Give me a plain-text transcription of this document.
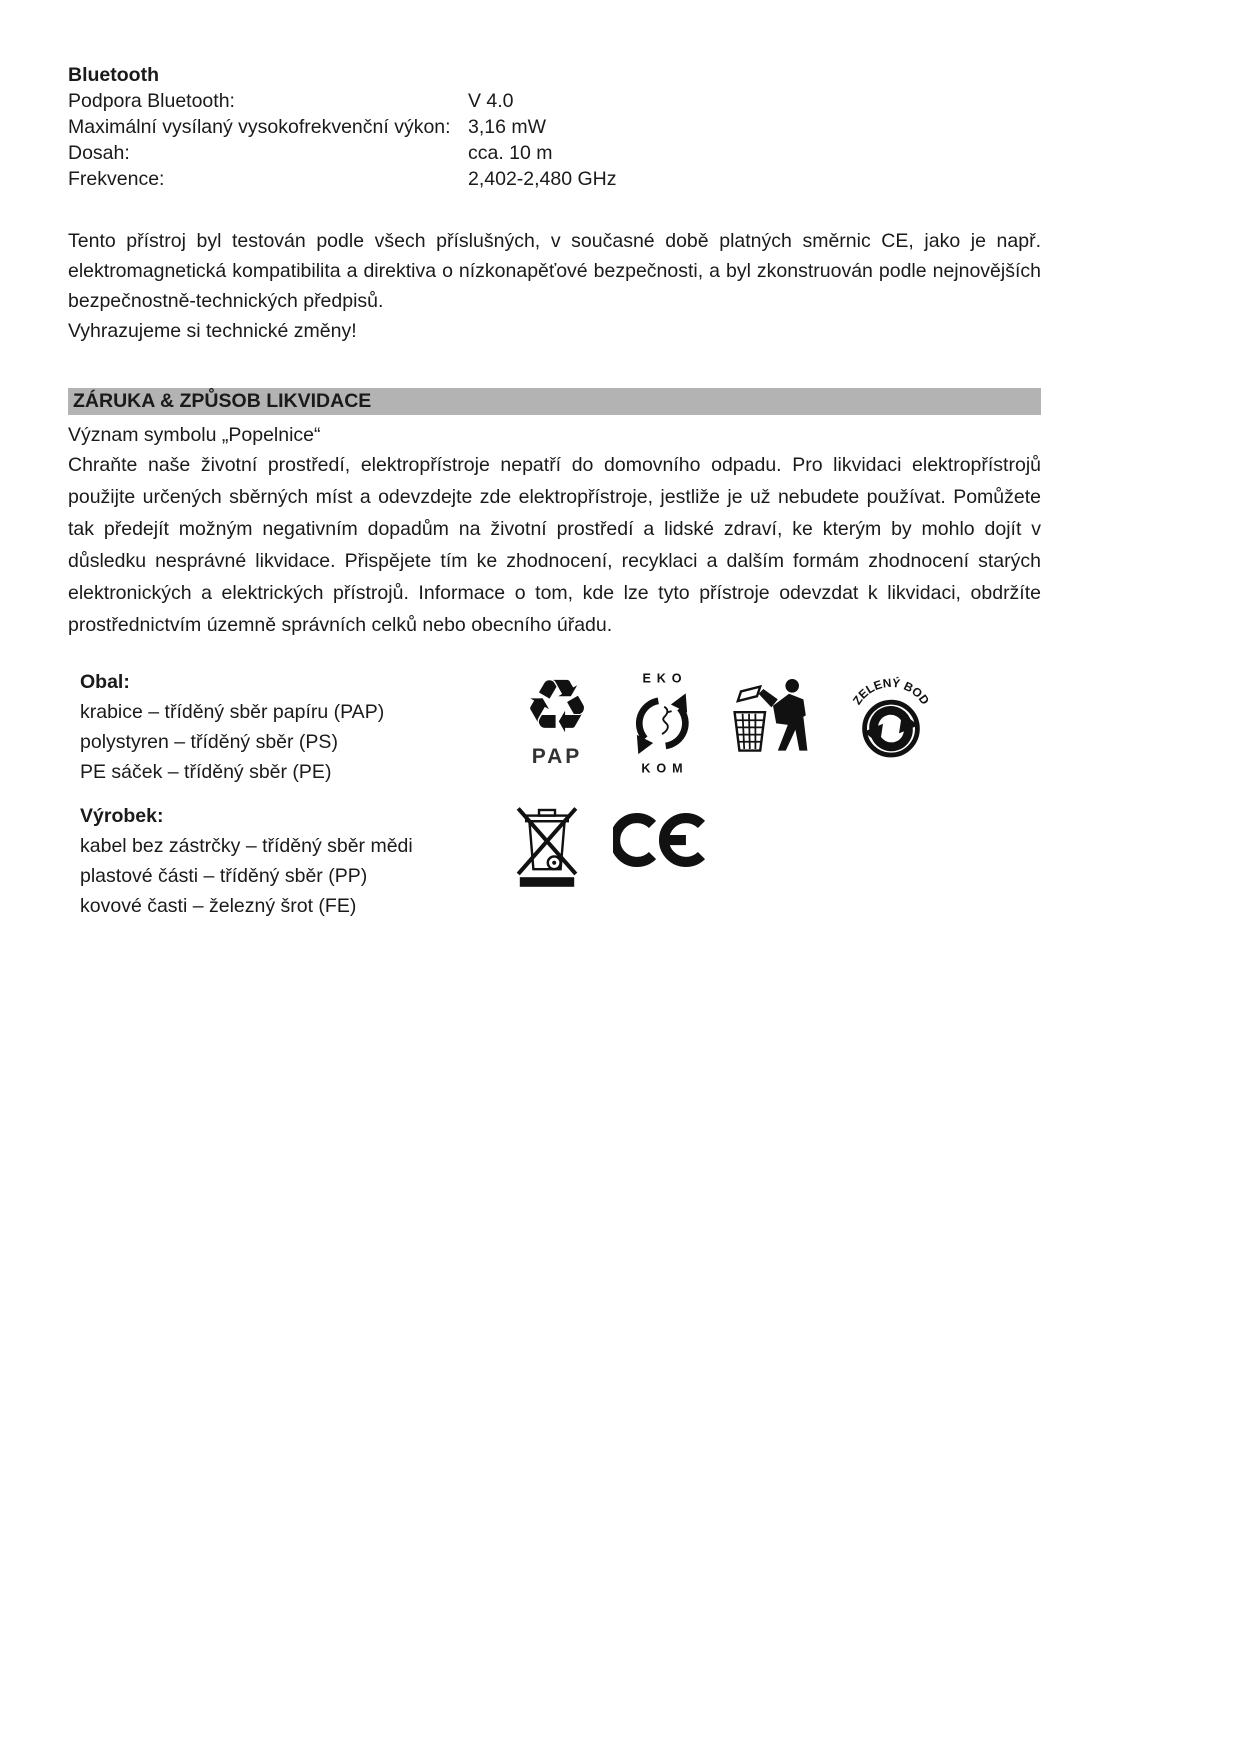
Bluetooth
Podpora Bluetooth:	V 4.0
Maximální vysílaný vysokofrekvenční výkon: 3,16 mW
Dosah:	cca. 10 m
Frekvence:	2,402-2,480 GHz
Tento přístroj byl testován podle všech příslušných, v současné době platných směrnic CE, jako je např. elektromagnetická kompatibilita a direktiva o nízkonapěťové bezpečnosti, a byl zkonstruován podle nejnovějších bezpečnostně-technických předpisů.
Vyhrazujeme si technické změny!
ZÁRUKA & ZPŮSOB LIKVIDACE
Význam symbolu „Popelnice“
Chraňte naše životní prostředí, elektropřístroje nepatří do domovního odpadu. Pro likvidaci elektropřístrojů použijte určených sběrných míst a odevzdejte zde elektropřístroje, jestliže je už nebudete používat. Pomůžete tak předejít možným negativním dopadům na životní prostředí a lidské zdraví, ke kterým by mohlo dojít v důsledku nesprávné likvidace. Přispějete tím ke zhodnocení, recyklaci a dalším formám zhodnocení starých elektronických a elektrických přístrojů. Informace o tom, kde lze tyto přístroje odevzdat k likvidaci, obdržíte prostřednictvím územně správních celků nebo obecního úřadu.
Obal:
krabice – tříděný sběr papíru (PAP)
polystyren – tříděný sběr (PS)
PE sáček – tříděný sběr (PE)
♻
PAP
EKO
KOM
ZELENÝ BOD
Výrobek:
kabel bez zástrčky – tříděný sběr mědi
plastové části – tříděný sběr (PP)
kovové časti – železný šrot (FE)
